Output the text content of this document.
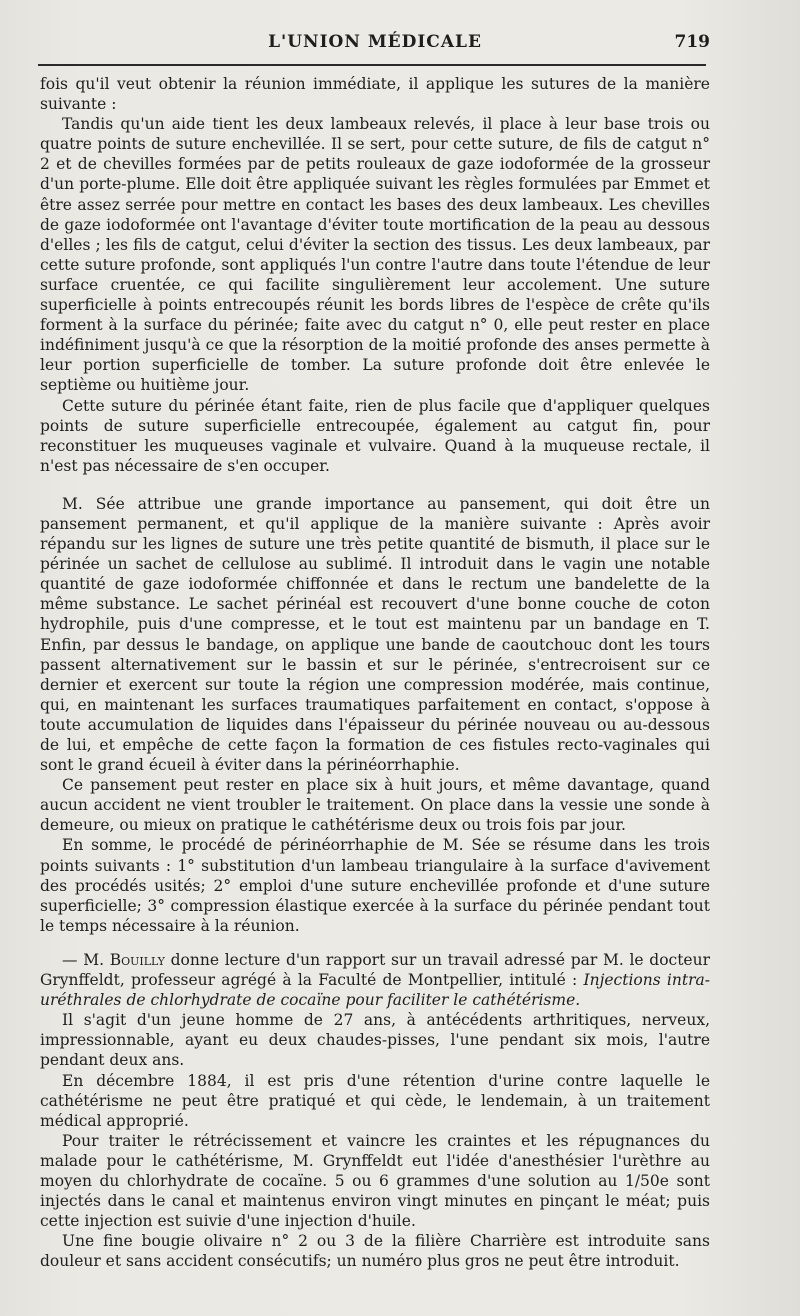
L'UNION MÉDICALE	719

fois qu'il veut obtenir la réunion immédiate, il applique les sutures de la manière suivante :

Tandis qu'un aide tient les deux lambeaux relevés, il place à leur base trois ou quatre points de suture enchevillée. Il se sert, pour cette suture, de fils de catgut n° 2 et de chevilles formées par de petits rouleaux de gaze iodoformée de la grosseur d'un porte-plume. Elle doit être appliquée suivant les règles formulées par Emmet et être assez serrée pour mettre en contact les bases des deux lambeaux. Les chevilles de gaze iodoformée ont l'avantage d'éviter toute mortification de la peau au dessous d'elles ; les fils de catgut, celui d'éviter la section des tissus. Les deux lambeaux, par cette suture profonde, sont appliqués l'un contre l'autre dans toute l'étendue de leur surface cruentée, ce qui facilite singulièrement leur accolement. Une suture superficielle à points entrecoupés réunit les bords libres de l'espèce de crête qu'ils forment à la surface du périnée; faite avec du catgut n° 0, elle peut rester en place indéfiniment jusqu'à ce que la résorption de la moitié profonde des anses permette à leur portion superficielle de tomber. La suture profonde doit être enlevée le septième ou huitième jour.

Cette suture du périnée étant faite, rien de plus facile que d'appliquer quelques points de suture superficielle entrecoupée, également au catgut fin, pour reconstituer les muqueuses vaginale et vulvaire. Quand à la muqueuse rectale, il n'est pas nécessaire de s'en occuper.

M. Sée attribue une grande importance au pansement, qui doit être un pansement permanent, et qu'il applique de la manière suivante : Après avoir répandu sur les lignes de suture une très petite quantité de bismuth, il place sur le périnée un sachet de cellulose au sublimé. Il introduit dans le vagin une notable quantité de gaze iodoformée chiffonnée et dans le rectum une bandelette de la même substance. Le sachet périnéal est recouvert d'une bonne couche de coton hydrophile, puis d'une compresse, et le tout est maintenu par un bandage en T. Enfin, par dessus le bandage, on applique une bande de caoutchouc dont les tours passent alternativement sur le bassin et sur le périnée, s'entrecroisent sur ce dernier et exercent sur toute la région une compression modérée, mais continue, qui, en maintenant les surfaces traumatiques parfaitement en contact, s'oppose à toute accumulation de liquides dans l'épaisseur du périnée nouveau ou au-dessous de lui, et empêche de cette façon la formation de ces fistules recto-vaginales qui sont le grand écueil à éviter dans la périnéorrhaphie.

Ce pansement peut rester en place six à huit jours, et même davantage, quand aucun accident ne vient troubler le traitement. On place dans la vessie une sonde à demeure, ou mieux on pratique le cathétérisme deux ou trois fois par jour.

En somme, le procédé de périnéorrhaphie de M. Sée se résume dans les trois points suivants : 1° substitution d'un lambeau triangulaire à la surface d'avivement des procédés usités; 2° emploi d'une suture enchevillée profonde et d'une suture superficielle; 3° compression élastique exercée à la surface du périnée pendant tout le temps nécessaire à la réunion.

— M. Bouilly donne lecture d'un rapport sur un travail adressé par M. le docteur Grynffeldt, professeur agrégé à la Faculté de Montpellier, intitulé : Injections intra-uréthrales de chlorhydrate de cocaïne pour faciliter le cathétérisme.

Il s'agit d'un jeune homme de 27 ans, à antécédents arthritiques, nerveux, impressionnable, ayant eu deux chaudes-pisses, l'une pendant six mois, l'autre pendant deux ans.

En décembre 1884, il est pris d'une rétention d'urine contre laquelle le cathétérisme ne peut être pratiqué et qui cède, le lendemain, à un traitement médical approprié.

Pour traiter le rétrécissement et vaincre les craintes et les répugnances du malade pour le cathétérisme, M. Grynffeldt eut l'idée d'anesthésier l'urèthre au moyen du chlorhydrate de cocaïne. 5 ou 6 grammes d'une solution au 1/50e sont injectés dans le canal et maintenus environ vingt minutes en pinçant le méat; puis cette injection est suivie d'une injection d'huile.

Une fine bougie olivaire n° 2 ou 3 de la filière Charrière est introduite sans douleur et sans accident consécutifs; un numéro plus gros ne peut être introduit.
